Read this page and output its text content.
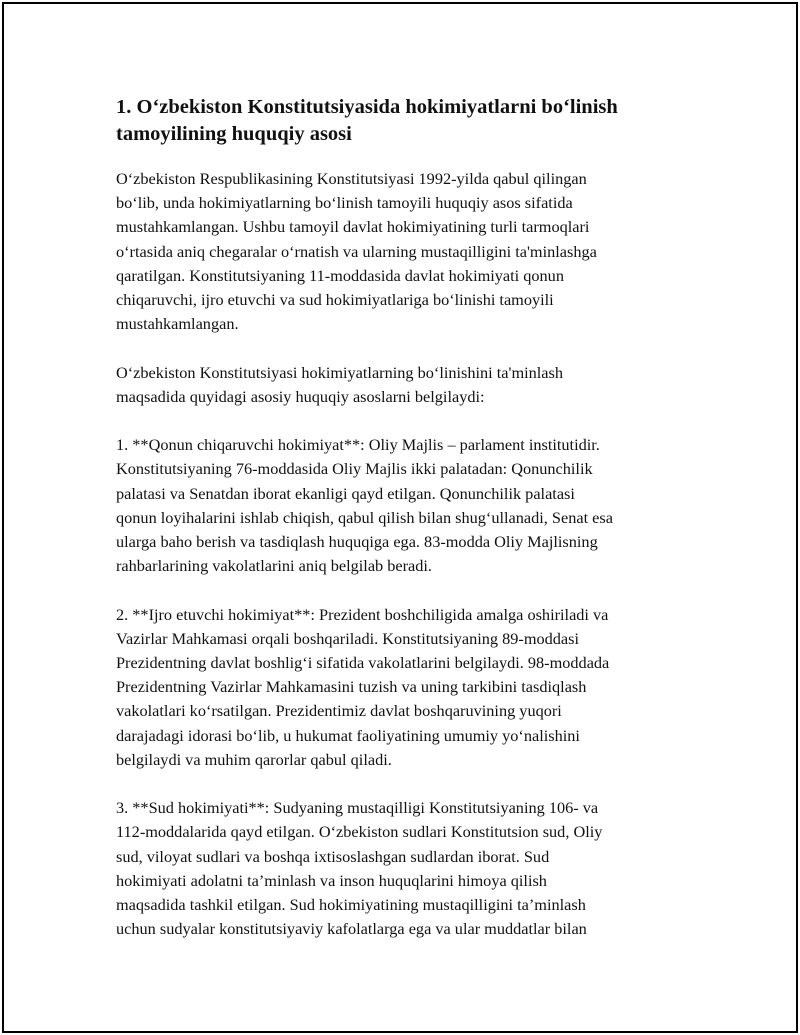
1. O‘zbekiston Konstitutsiyasida hokimiyatlarni bo‘linish tamoyilining huquqiy asosi

O‘zbekiston Respublikasining Konstitutsiyasi 1992-yilda qabul qilingan
bo‘lib, unda hokimiyatlarning bo‘linish tamoyili huquqiy asos sifatida
mustahkamlangan. Ushbu tamoyil davlat hokimiyatining turli tarmoqlari
o‘rtasida aniq chegaralar o‘rnatish va ularning mustaqilligini ta'minlashga
qaratilgan. Konstitutsiyaning 11-moddasida davlat hokimiyati qonun
chiqaruvchi, ijro etuvchi va sud hokimiyatlariga bo‘linishi tamoyili
mustahkamlangan.

O‘zbekiston Konstitutsiyasi hokimiyatlarning bo‘linishini ta'minlash
maqsadida quyidagi asosiy huquqiy asoslarni belgilaydi:

1. **Qonun chiqaruvchi hokimiyat**: Oliy Majlis – parlament institutidir.
Konstitutsiyaning 76-moddasida Oliy Majlis ikki palatadan: Qonunchilik
palatasi va Senatdan iborat ekanligi qayd etilgan. Qonunchilik palatasi
qonun loyihalarini ishlab chiqish, qabul qilish bilan shug‘ullanadi, Senat esa
ularga baho berish va tasdiqlash huquqiga ega. 83-modda Oliy Majlisning
rahbarlarining vakolatlarini aniq belgilab beradi.

2. **Ijro etuvchi hokimiyat**: Prezident boshchiligida amalga oshiriladi va
Vazirlar Mahkamasi orqali boshqariladi. Konstitutsiyaning 89-moddasi
Prezidentning davlat boshlig‘i sifatida vakolatlarini belgilaydi. 98-moddada
Prezidentning Vazirlar Mahkamasini tuzish va uning tarkibini tasdiqlash
vakolatlari ko‘rsatilgan. Prezidentimiz davlat boshqaruvining yuqori
darajadagi idorasi bo‘lib, u hukumat faoliyatining umumiy yo‘nalishini
belgilaydi va muhim qarorlar qabul qiladi.

3. **Sud hokimiyati**: Sudyaning mustaqilligi Konstitutsiyaning 106- va
112-moddalarida qayd etilgan. O‘zbekiston sudlari Konstitutsion sud, Oliy
sud, viloyat sudlari va boshqa ixtisoslashgan sudlardan iborat. Sud
hokimiyati adolatni ta’minlash va inson huquqlarini himoya qilish
maqsadida tashkil etilgan. Sud hokimiyatining mustaqilligini ta’minlash
uchun sudyalar konstitutsiyaviy kafolatlarga ega va ular muddatlar bilan
